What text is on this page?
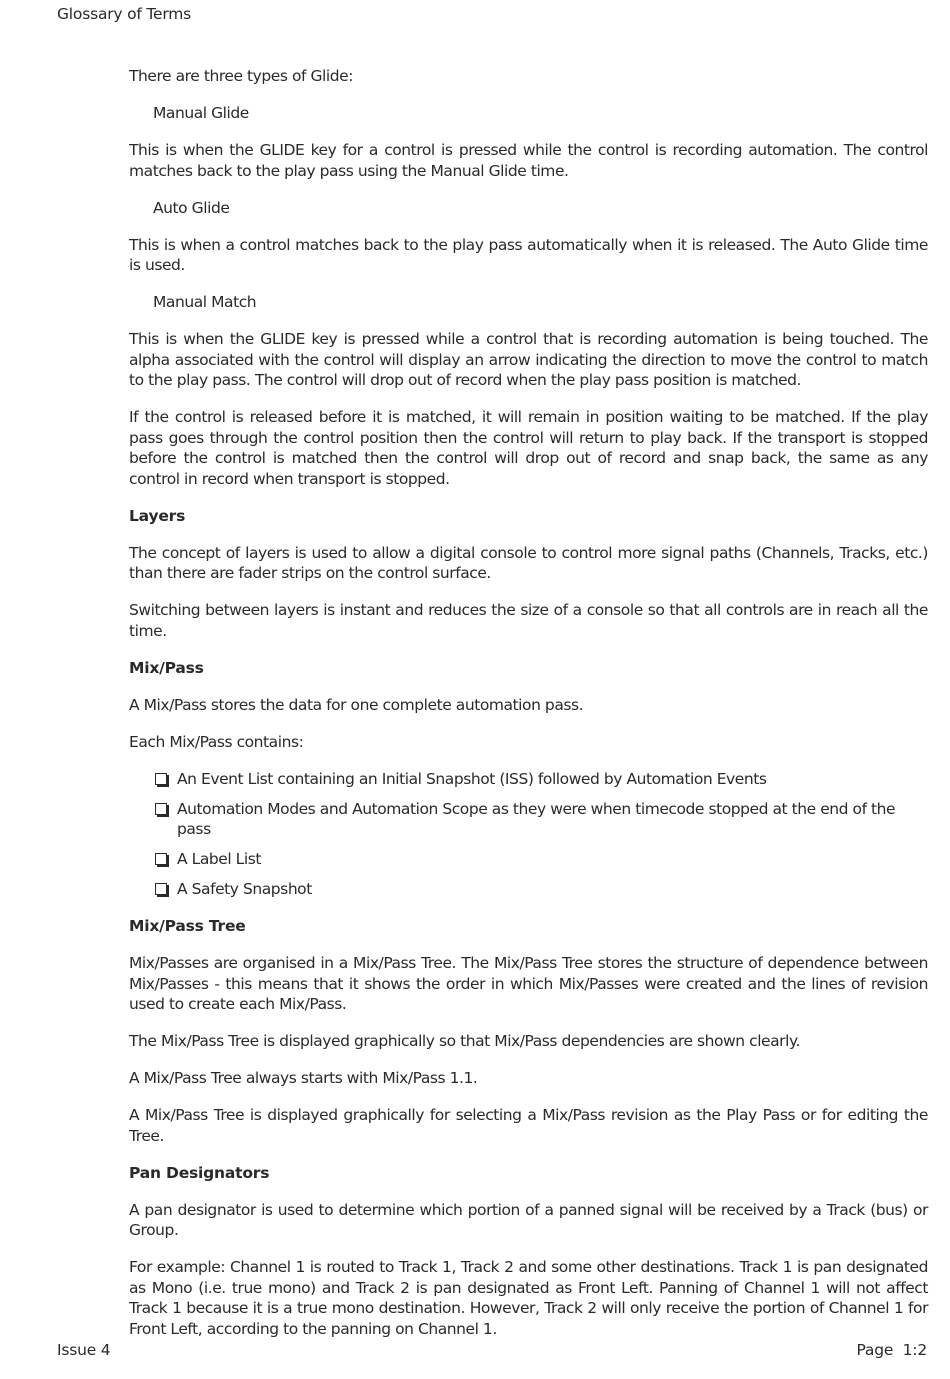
Glossary of Terms

There are three types of Glide:

Manual Glide

This is when the GLIDE key for a control is pressed while the control is recording automation. The control matches back to the play pass using the Manual Glide time.

Auto Glide

This is when a control matches back to the play pass automatically when it is released. The Auto Glide time is used.

Manual Match

This is when the GLIDE key is pressed while a control that is recording automation is being touched. The alpha associated with the control will display an arrow indicating the direction to move the control to match to the play pass. The control will drop out of record when the play pass position is matched.

If the control is released before it is matched, it will remain in position waiting to be matched. If the play pass goes through the control position then the control will return to play back. If the transport is stopped before the control is matched then the control will drop out of record and snap back, the same as any control in record when transport is stopped.

Layers

The concept of layers is used to allow a digital console to control more signal paths (Channels, Tracks, etc.) than there are fader strips on the control surface.

Switching between layers is instant and reduces the size of a console so that all controls are in reach all the time.

Mix/Pass

A Mix/Pass stores the data for one complete automation pass.

Each Mix/Pass contains:

An Event List containing an Initial Snapshot (ISS) followed by Automation Events
Automation Modes and Automation Scope as they were when timecode stopped at the end of the pass
A Label List
A Safety Snapshot
Mix/Pass Tree

Mix/Passes are organised in a Mix/Pass Tree. The Mix/Pass Tree stores the structure of dependence between Mix/Passes - this means that it shows the order in which Mix/Passes were created and the lines of revision used to create each Mix/Pass.

The Mix/Pass Tree is displayed graphically so that Mix/Pass dependencies are shown clearly.

A Mix/Pass Tree always starts with Mix/Pass 1.1.

A Mix/Pass Tree is displayed graphically for selecting a Mix/Pass revision as the Play Pass or for editing the Tree.

Pan Designators

A pan designator is used to determine which portion of a panned signal will be received by a Track (bus) or Group.

For example: Channel 1 is routed to Track 1, Track 2 and some other destinations. Track 1 is pan designated as Mono (i.e. true mono) and Track 2 is pan designated as Front Left. Panning of Channel 1 will not affect Track 1 because it is a true mono destination. However, Track 2 will only receive the portion of Channel 1 for Front Left, according to the panning on Channel 1.

Issue 4	Page  1:2
